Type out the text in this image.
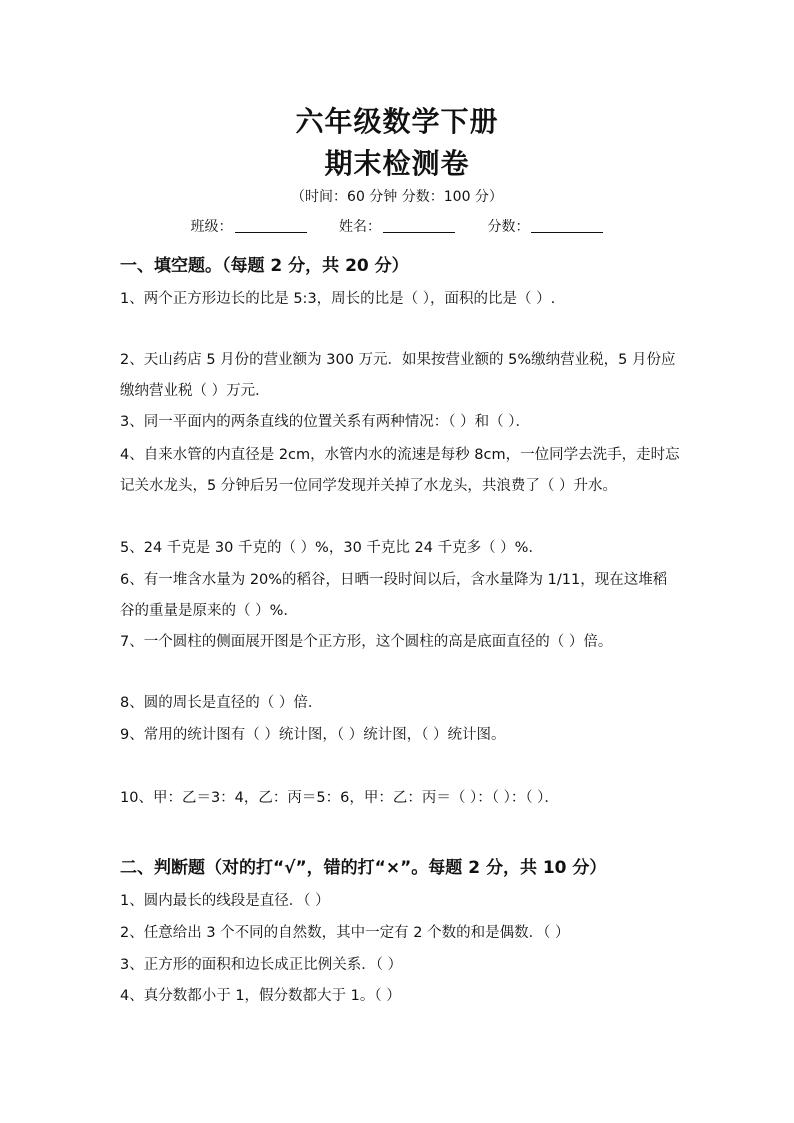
六年级数学下册
期末检测卷
（时间：60 分钟 分数：100 分）
班级：	姓名：	分数：
一、填空题。（每题 2 分，共 20 分）
1、两个正方形边长的比是 5:3，周长的比是（ ），面积的比是（ ）.
2、天山药店 5 月份的营业额为 300 万元．如果按营业额的 5%缴纳营业税，5 月份应缴纳营业税（ ）万元．
3、同一平面内的两条直线的位置关系有两种情况：（ ）和（ ）．
4、自来水管的内直径是 2cm，水管内水的流速是每秒 8cm，一位同学去洗手，走时忘记关水龙头，5 分钟后另一位同学发现并关掉了水龙头，共浪费了（ ）升水。
5、24 千克是 30 千克的（ ）%，30 千克比 24 千克多（ ）%．
6、有一堆含水量为 20%的稻谷，日晒一段时间以后，含水量降为 1/11，现在这堆稻谷的重量是原来的（ ）%．
7、一个圆柱的侧面展开图是个正方形，这个圆柱的高是底面直径的（ ）倍。
8、圆的周长是直径的（ ）倍．
9、常用的统计图有（ ）统计图，（ ）统计图，（ ）统计图。
10、甲：乙＝3：4，乙：丙＝5：6，甲：乙：丙＝（ ）：（ ）：（ ）．
二、判断题（对的打“√”，错的打“×”。每题 2 分，共 10 分）
1、圆内最长的线段是直径．（ ）
2、任意给出 3 个不同的自然数，其中一定有 2 个数的和是偶数．（ ）
3、正方形的面积和边长成正比例关系．（ ）
4、真分数都小于 1，假分数都大于 1。（ ）
